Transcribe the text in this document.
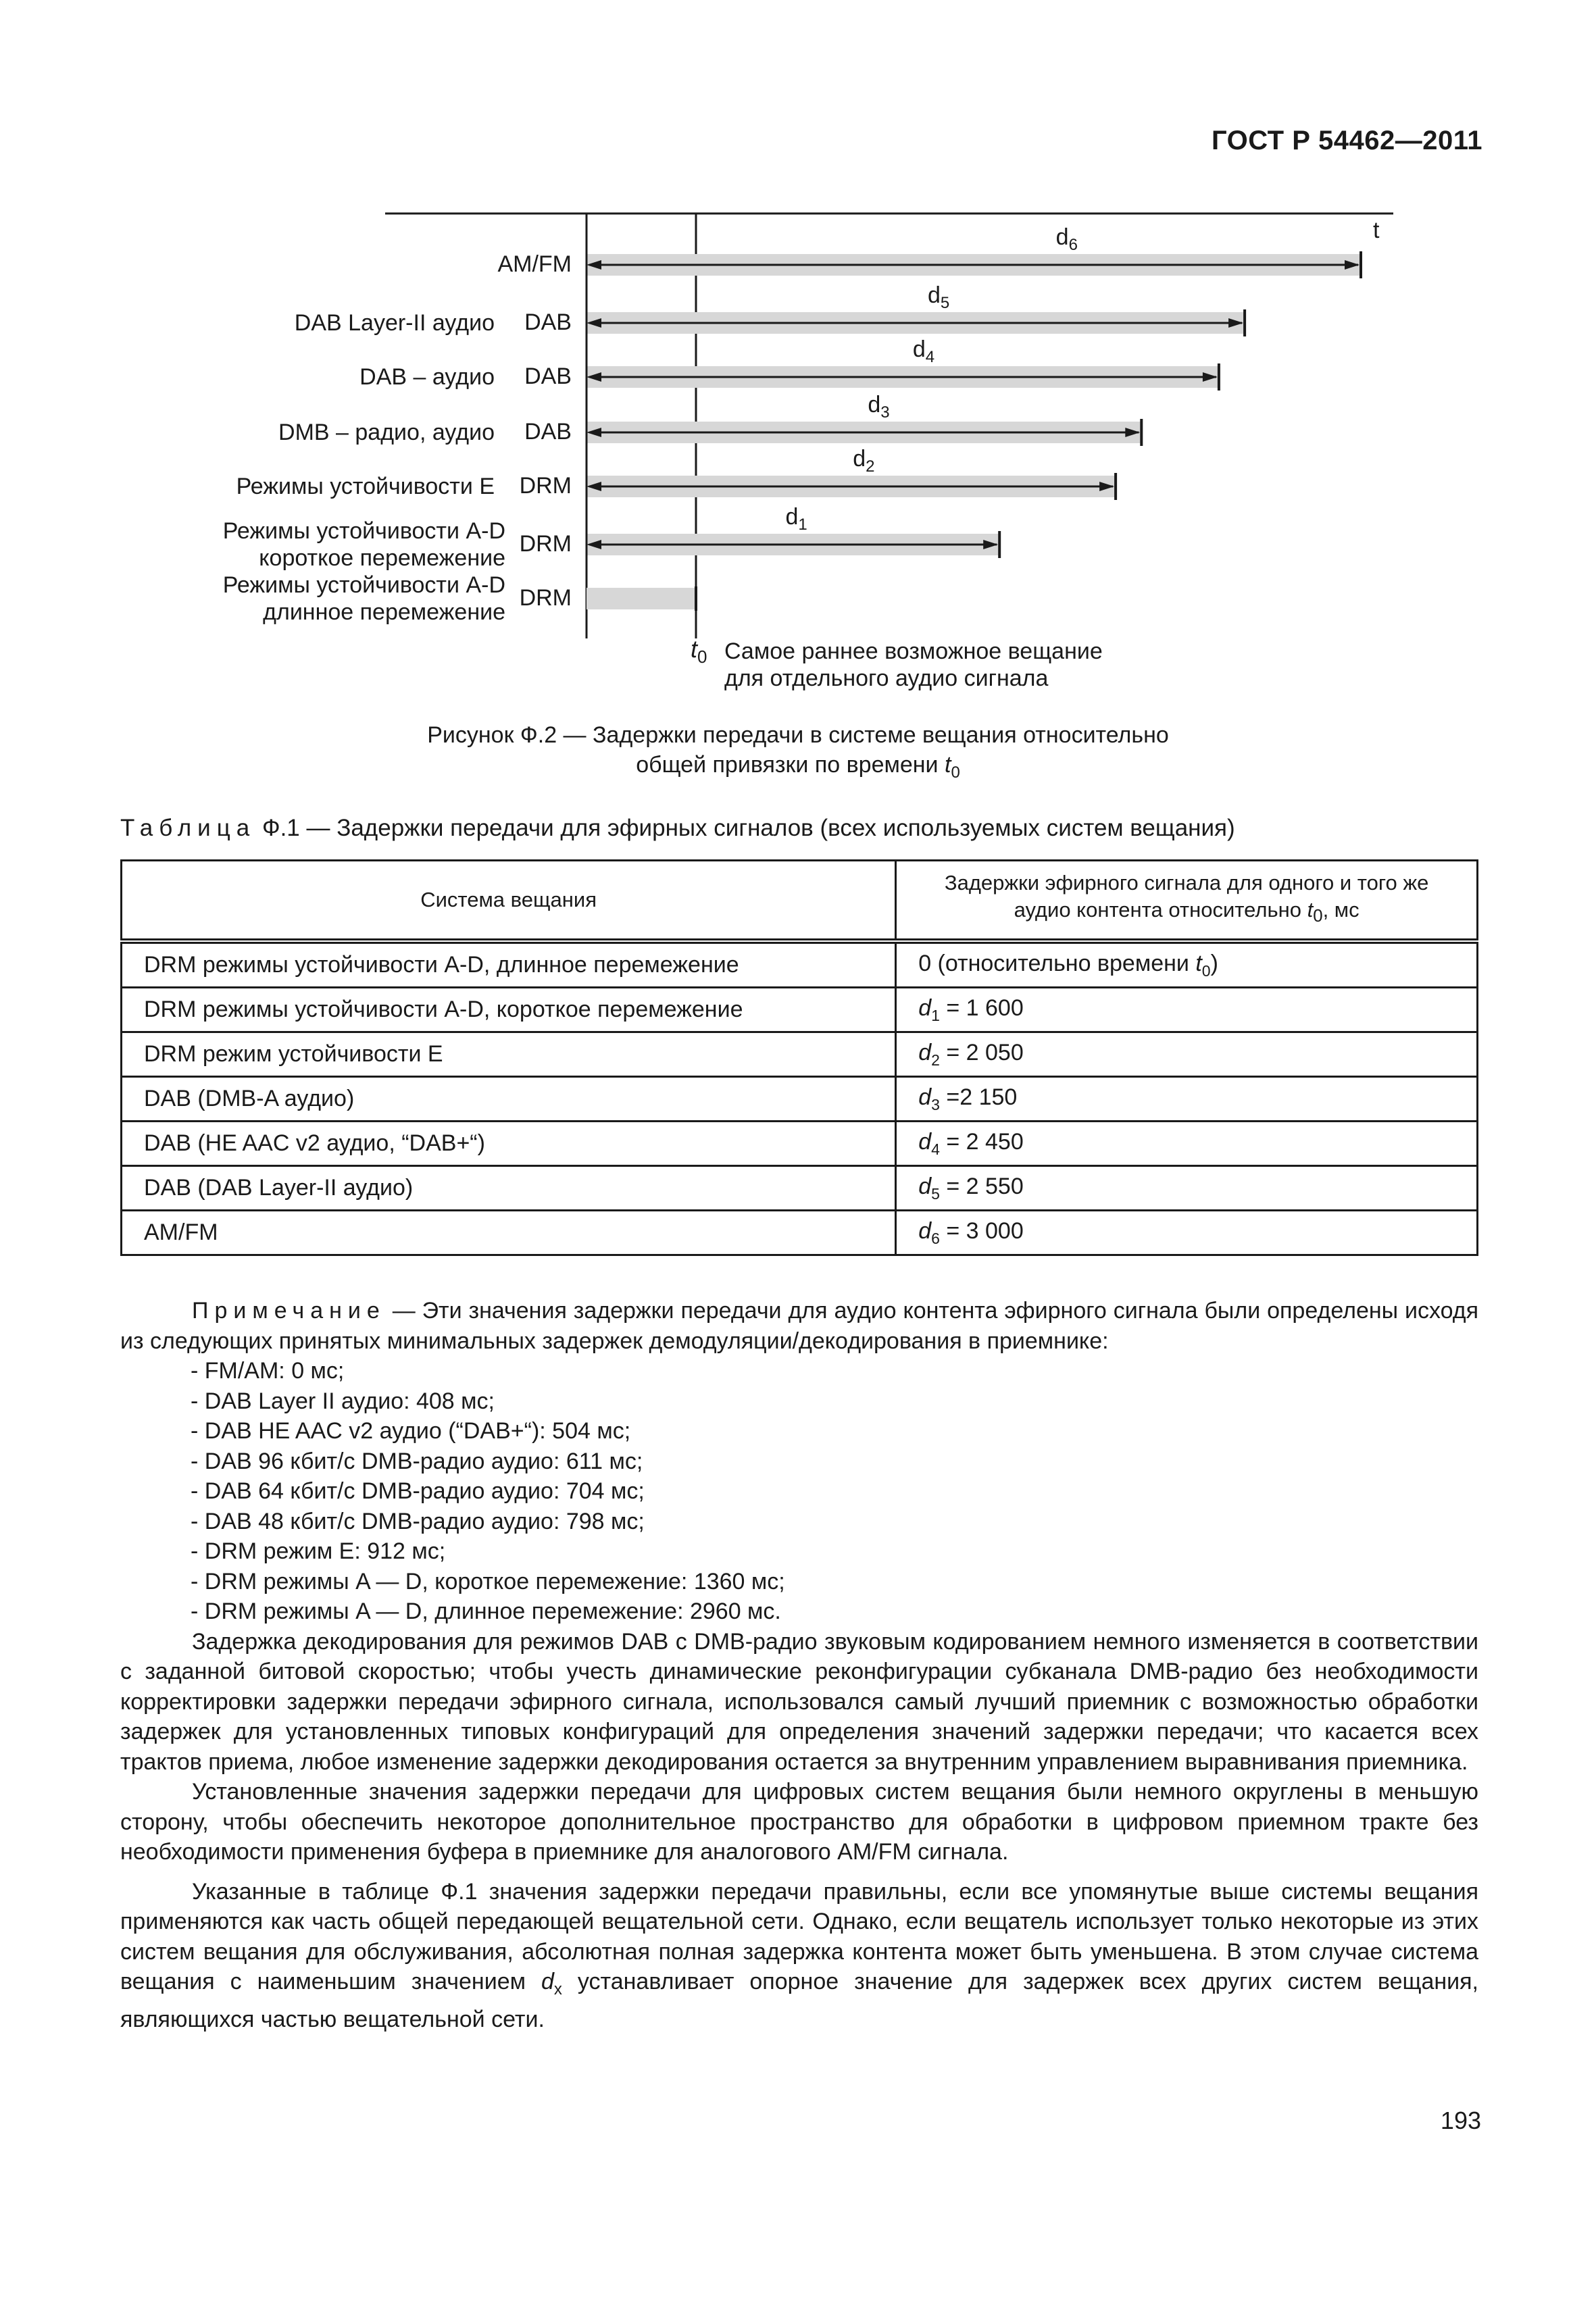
ГОСТ Р 54462—2011
$d_6$
AM/FM
$d_5$
DAB
DAB Layer-II аудио
$d_4$
DAB
DAB – аудио
$d_3$
DAB
DMB – радио, аудио
$d_2$
DRM
Режимы устойчивости E
$d_1$
DRM
Режимы устойчивости A-D
короткое перемежение
DRM
Режимы устойчивости A-D
длинное перемежение
t
$t_0$ Самое раннее возможное вещание
для отдельного аудио сигнала
Рисунок Ф.2 — Задержки передачи в системе вещания относительно
общей привязки по времени $t_0$
Таблица Ф.1 — Задержки передачи для эфирных сигналов (всех используемых систем вещания)
Система вещания	Задержки эфирного сигнала для одного и того же
аудио контента относительно $t_0$, мс

DRM режимы устойчивости A-D, длинное перемежение	0 (относительно времени $t_0$)
DRM режимы устойчивости A-D, короткое перемежение	$d_1 = 1$ 600
DRM режим устойчивости E	$d_2 = 2$ 050
DAB (DMB-A аудио)	$d_3 =2$ 150
DAB (HE AAC v2 аудио, “DAB+“)	$d_4 = 2$ 450
DAB (DAB Layer-II аудио)	$d_5 = 2$ 550
AM/FM	$d_6 = 3$ 000

Примечание — Эти значения задержки передачи для аудио контента эфирного сигнала были определены исходя из следующих принятых минимальных задержек демодуляции/декодирования в приемнике:

- FM/AM: 0 мс;

- DAB Layer II аудио: 408 мс;

- DAB HE AAC v2 аудио (“DAB+“): 504 мс;

- DAB 96 кбит/с DMB-радио аудио: 611 мс;

- DAB 64 кбит/с DMB-радио аудио: 704 мс;

- DAB 48 кбит/с DMB-радио аудио: 798 мс;

- DRM режим E: 912 мс;

- DRM режимы A — D, короткое перемежение: 1360 мс;

- DRM режимы A — D, длинное перемежение: 2960 мс.

Задержка декодирования для режимов DAB с DMB-радио звуковым кодированием немного изменяется в соответствии с заданной битовой скоростью; чтобы учесть динамические реконфигурации субканала DMB-радио без необходимости корректировки задержки передачи эфирного сигнала, использовался самый лучший приемник с возможностью обработки задержек для установленных типовых конфигураций для определения значений задержки передачи; что касается всех трактов приема, любое изменение задержки декодирования остается за внутренним управлением выравнивания приемника.

Установленные значения задержки передачи для цифровых систем вещания были немного округлены в меньшую сторону, чтобы обеспечить некоторое дополнительное пространство для обработки в цифровом приемном тракте без необходимости применения буфера в приемнике для аналогового AM/FM сигнала.

Указанные в таблице Ф.1 значения задержки передачи правильны, если все упомянутые выше системы вещания применяются как часть общей передающей вещательной сети. Однако, если вещатель использует только некоторые из этих систем вещания для обслуживания, абсолютная полная задержка контента может быть уменьшена. В этом случае система вещания с наименьшим значением $d_x$ устанавливает опорное значение для задержек всех других систем вещания, являющихся частью вещательной сети.

193
